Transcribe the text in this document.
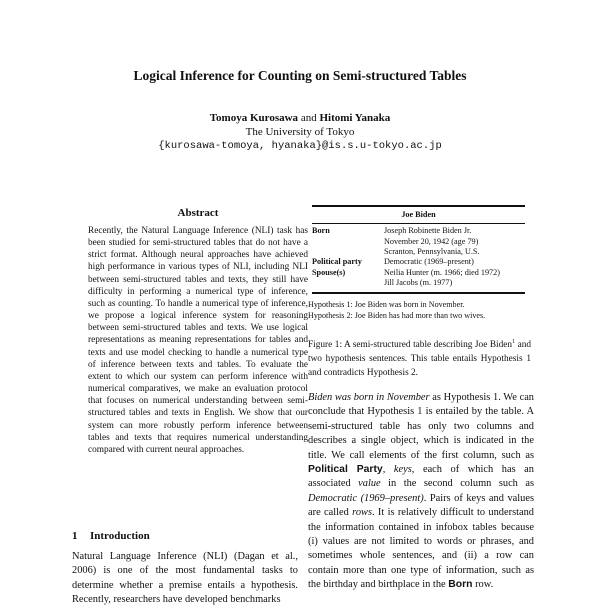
Logical Inference for Counting on Semi-structured Tables
Tomoya Kurosawa and Hitomi Yanaka
The University of Tokyo
{kurosawa-tomoya, hyanaka}@is.s.u-tokyo.ac.jp
Abstract
Recently, the Natural Language Inference (NLI) task has been studied for semi-structured tables that do not have a strict format. Although neural approaches have achieved high performance in various types of NLI, including NLI between semi-structured tables and texts, they still have difficulty in performing a numerical type of inference, such as counting. To handle a numerical type of inference, we propose a logical inference system for reasoning between semi-structured tables and texts. We use logical representations as meaning representations for tables and texts and use model checking to handle a numerical type of inference between texts and tables. To evaluate the extent to which our system can perform inference with numerical comparatives, we make an evaluation protocol that focuses on numerical understanding between semi-structured tables and texts in English. We show that our system can more robustly perform inference between tables and texts that requires numerical understanding compared with current neural approaches.
1 Introduction
Natural Language Inference (NLI) (Dagan et al., 2006) is one of the most fundamental tasks to determine whether a premise entails a hypothesis. Recently, researchers have developed benchmarks
Joe Biden
Born	Joseph Robinette Biden Jr.
November 20, 1942 (age 79)
Scranton, Pennsylvania, U.S.
Political party	Democratic (1969–present)
Spouse(s)	Neilia Hunter (m. 1966; died 1972)
Jill Jacobs (m. 1977)
Hypothesis 1: Joe Biden was born in November.
Hypothesis 2: Joe Biden has had more than two wives.
Figure 1: A semi-structured table describing Joe Biden$^1$ and two hypothesis sentences. This table entails Hypothesis 1 and contradicts Hypothesis 2.
Biden was born in November as Hypothesis 1. We can conclude that Hypothesis 1 is entailed by the table. A semi-structured table has only two columns and describes a single object, which is indicated in the title. We call elements of the first column, such as Political Party, keys, each of which has an associated value in the second column such as Democratic (1969–present). Pairs of keys and values are called rows. It is relatively difficult to understand the information contained in infobox tables because (i) values are not limited to words or phrases, and sometimes whole sentences, and (ii) a row can contain more than one type of information, such as the birthday and birthplace in the Born row.
